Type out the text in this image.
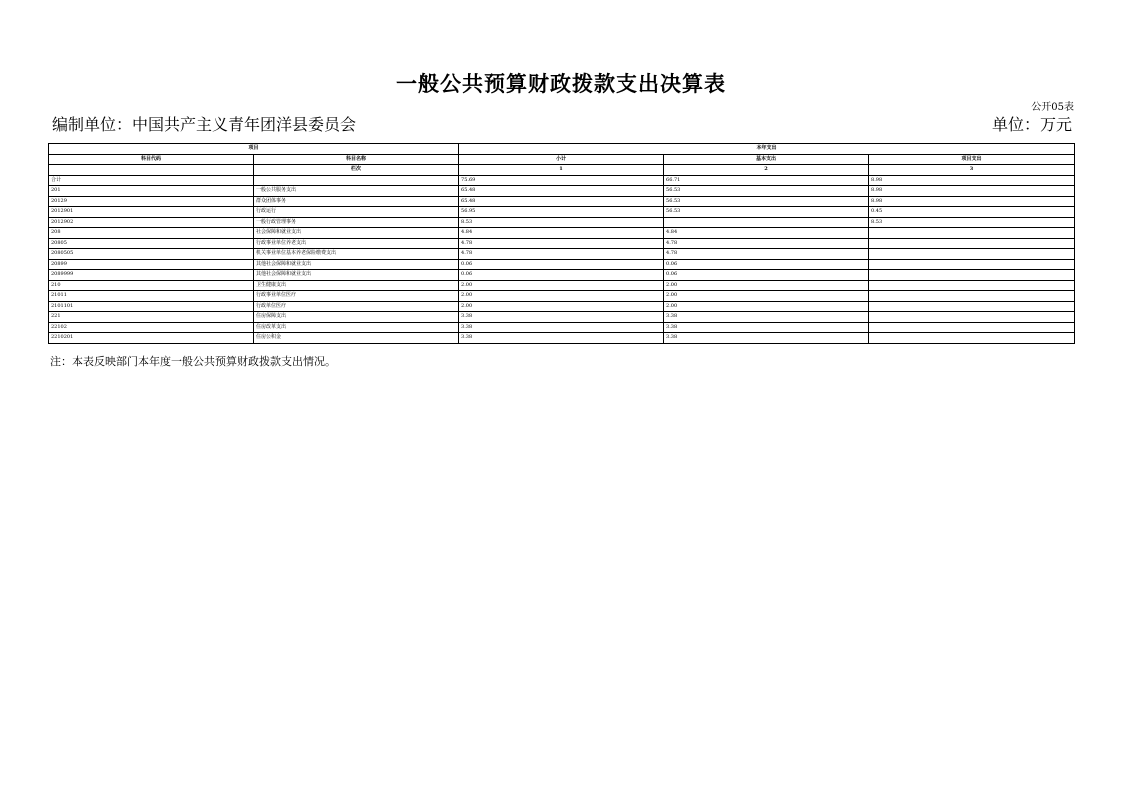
一般公共预算财政拨款支出决算表
公开05表
编制单位：中国共产主义青年团洋县委员会	单位：万元
项目		本年支出		
科目代码	科目名称	小计	基本支出	项目支出
	栏次	1	2	3
合计		75.69	66.71	8.98
201	一般公共服务支出	65.48	56.53	8.98
20129	群众团体事务	65.48	56.53	8.98
2012901	行政运行	56.95	56.53	0.45
2012902	一般行政管理事务	8.53		8.53
208	社会保障和就业支出	4.84	4.84	
20805	行政事业单位养老支出	4.78	4.78	
2080505	机关事业单位基本养老保险缴费支出	4.78	4.78	
20899	其他社会保障和就业支出	0.06	0.06	
2089999	其他社会保障和就业支出	0.06	0.06	
210	卫生健康支出	2.00	2.00	
21011	行政事业单位医疗	2.00	2.00	
2101101	行政单位医疗	2.00	2.00	
221	住房保障支出	3.38	3.38	
22102	住房改革支出	3.38	3.38	
2210201	住房公积金	3.38	3.38	
注：本表反映部门本年度一般公共预算财政拨款支出情况。
